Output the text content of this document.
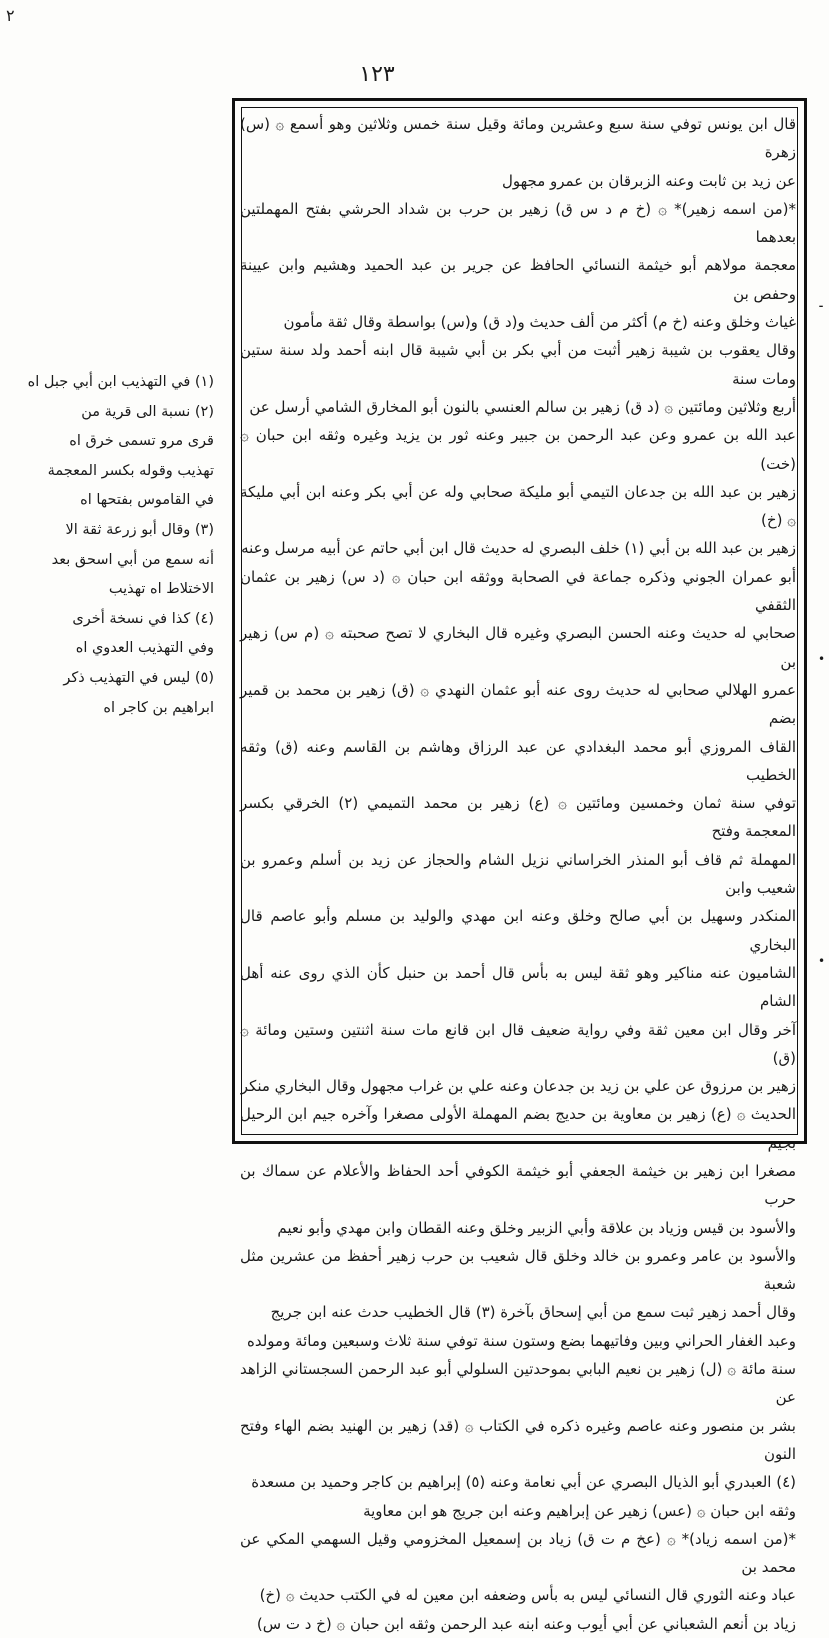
٢
١٢٣

قال ابن يونس توفي سنة سبع وعشرين ومائة وقيل سنة خمس وثلاثين وهو أسمع ۞ (س) زهرة

عن زيد بن ثابت وعنه الزبرقان بن عمرو مجهول

*(من اسمه زهير)* ۞ (خ م د س ق) زهير بن حرب بن شداد الحرشي بفتح المهملتين بعدهما

معجمة مولاهم أبو خيثمة النسائي الحافظ عن جرير بن عبد الحميد وهشيم وابن عيينة وحفص بن

غياث وخلق وعنه (خ م) أكثر من ألف حديث و(د ق) و(س) بواسطة وقال ثقة مأمون

وقال يعقوب بن شيبة زهير أثبت من أبي بكر بن أبي شيبة قال ابنه أحمد ولد سنة ستين ومات سنة

أربع وثلاثين ومائتين ۞ (د ق) زهير بن سالم العنسي بالنون أبو المخارق الشامي أرسل عن

عبد الله بن عمرو وعن عبد الرحمن بن جبير وعنه ثور بن يزيد وغيره وثقه ابن حبان ۞ (خت)

زهير بن عبد الله بن جدعان التيمي أبو مليكة صحابي وله عن أبي بكر وعنه ابن أبي مليكة ۞ (خ)

زهير بن عبد الله بن أبي (١) خلف البصري له حديث قال ابن أبي حاتم عن أبيه مرسل وعنه

أبو عمران الجوني وذكره جماعة في الصحابة ووثقه ابن حبان ۞ (د س) زهير بن عثمان الثقفي

صحابي له حديث وعنه الحسن البصري وغيره قال البخاري لا تصح صحبته ۞ (م س) زهير بن

عمرو الهلالي صحابي له حديث روى عنه أبو عثمان النهدي ۞ (ق) زهير بن محمد بن قمير بضم

القاف المروزي أبو محمد البغدادي عن عبد الرزاق وهاشم بن القاسم وعنه (ق) وثقه الخطيب

توفي سنة ثمان وخمسين ومائتين ۞ (ع) زهير بن محمد التميمي (٢) الخرقي بكسر المعجمة وفتح

المهملة ثم قاف أبو المنذر الخراساني نزيل الشام والحجاز عن زيد بن أسلم وعمرو بن شعيب وابن

المنكدر وسهيل بن أبي صالح وخلق وعنه ابن مهدي والوليد بن مسلم وأبو عاصم قال البخاري

الشاميون عنه مناكير وهو ثقة ليس به بأس قال أحمد بن حنبل كأن الذي روى عنه أهل الشام

آخر وقال ابن معين ثقة وفي رواية ضعيف قال ابن قانع مات سنة اثنتين وستين ومائة ۞ (ق)

زهير بن مرزوق عن علي بن زيد بن جدعان وعنه علي بن غراب مجهول وقال البخاري منكر

الحديث ۞ (ع) زهير بن معاوية بن حديج بضم المهملة الأولى مصغرا وآخره جيم ابن الرحيل بجيم

مصغرا ابن زهير بن خيثمة الجعفي أبو خيثمة الكوفي أحد الحفاظ والأعلام عن سماك بن حرب

والأسود بن قيس وزياد بن علاقة وأبي الزبير وخلق وعنه القطان وابن مهدي وأبو نعيم

والأسود بن عامر وعمرو بن خالد وخلق قال شعيب بن حرب زهير أحفظ من عشرين مثل شعبة

وقال أحمد زهير ثبت سمع من أبي إسحاق بآخرة (٣) قال الخطيب حدث عنه ابن جريج

وعبد الغفار الحراني وبين وفاتيهما بضع وستون سنة توفي سنة ثلاث وسبعين ومائة ومولده

سنة مائة ۞ (ل) زهير بن نعيم البابي بموحدتين السلولي أبو عبد الرحمن السجستاني الزاهد عن

بشر بن منصور وعنه عاصم وغيره ذكره في الكتاب ۞ (قد) زهير بن الهنيد بضم الهاء وفتح النون

(٤) العبدري أبو الذيال البصري عن أبي نعامة وعنه (٥) إبراهيم بن كاجر وحميد بن مسعدة

وثقه ابن حبان ۞ (عس) زهير عن إبراهيم وعنه ابن جريج هو ابن معاوية

*(من اسمه زياد)* ۞ (عخ م ت ق) زياد بن إسمعيل المخزومي وقيل السهمي المكي عن محمد بن

عباد وعنه الثوري قال النسائي ليس به بأس وضعفه ابن معين له في الكتب حديث ۞ (خ)

زياد بن أنعم الشعباني عن أبي أيوب وعنه ابنه عبد الرحمن وثقه ابن حبان ۞ (خ د ت س)

(١) في التهذيب ابن أبي جبل اه
(٢) نسبة الى قرية من
قرى مرو تسمى خرق اه
تهذيب وقوله بكسر المعجمة
في القاموس بفتحها اه
(٣) وقال أبو زرعة ثقة الا
أنه سمع من أبي اسحق بعد
الاختلاط اه تهذيب
(٤) كذا في نسخة أخرى
وفي التهذيب العدوي اه
(٥) ليس في التهذيب ذكر
ابراهيم بن كاجر اه
⁃
•
•
